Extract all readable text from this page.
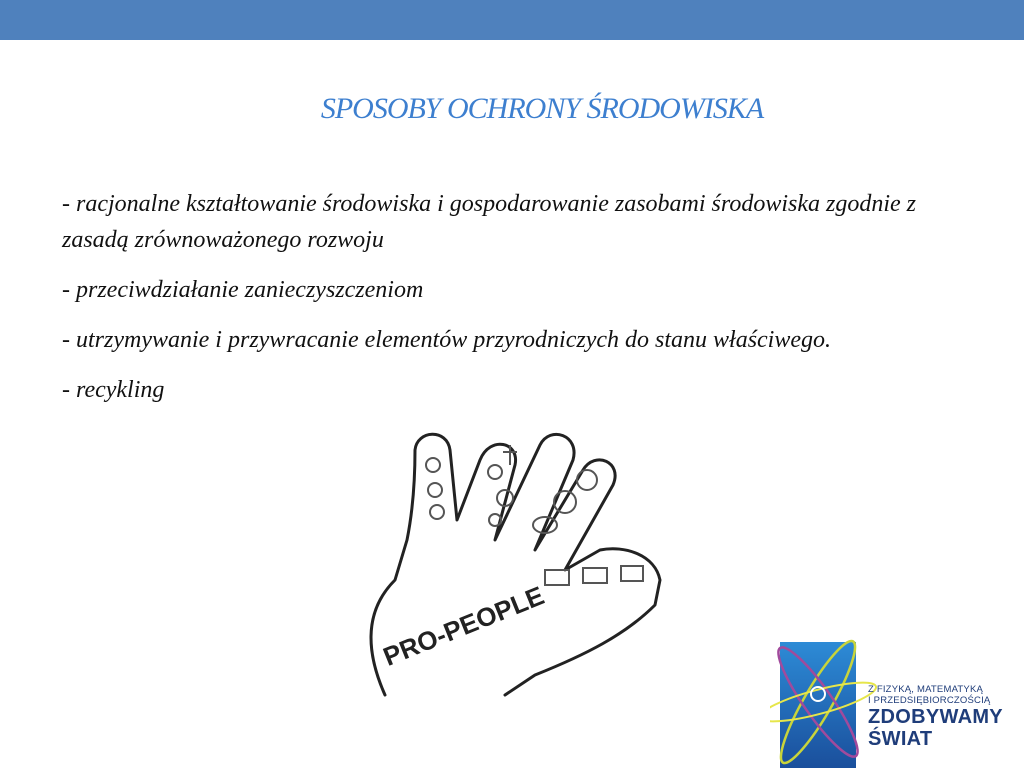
SPOSOBY OCHRONY ŚRODOWISKA

- racjonalne kształtowanie środowiska i gospodarowanie zasobami środowiska zgodnie z zasadą zrównoważonego rozwoju

- przeciwdziałanie zanieczyszczeniom

- utrzymywanie i przywracanie elementów przyrodniczych do stanu właściwego.

- recykling

PRO-PEOPLE
Z FIZYKĄ, MATEMATYKĄ
I PRZEDSIĘBIORCZOŚCIĄ
ZDOBYWAMY
ŚWIAT
